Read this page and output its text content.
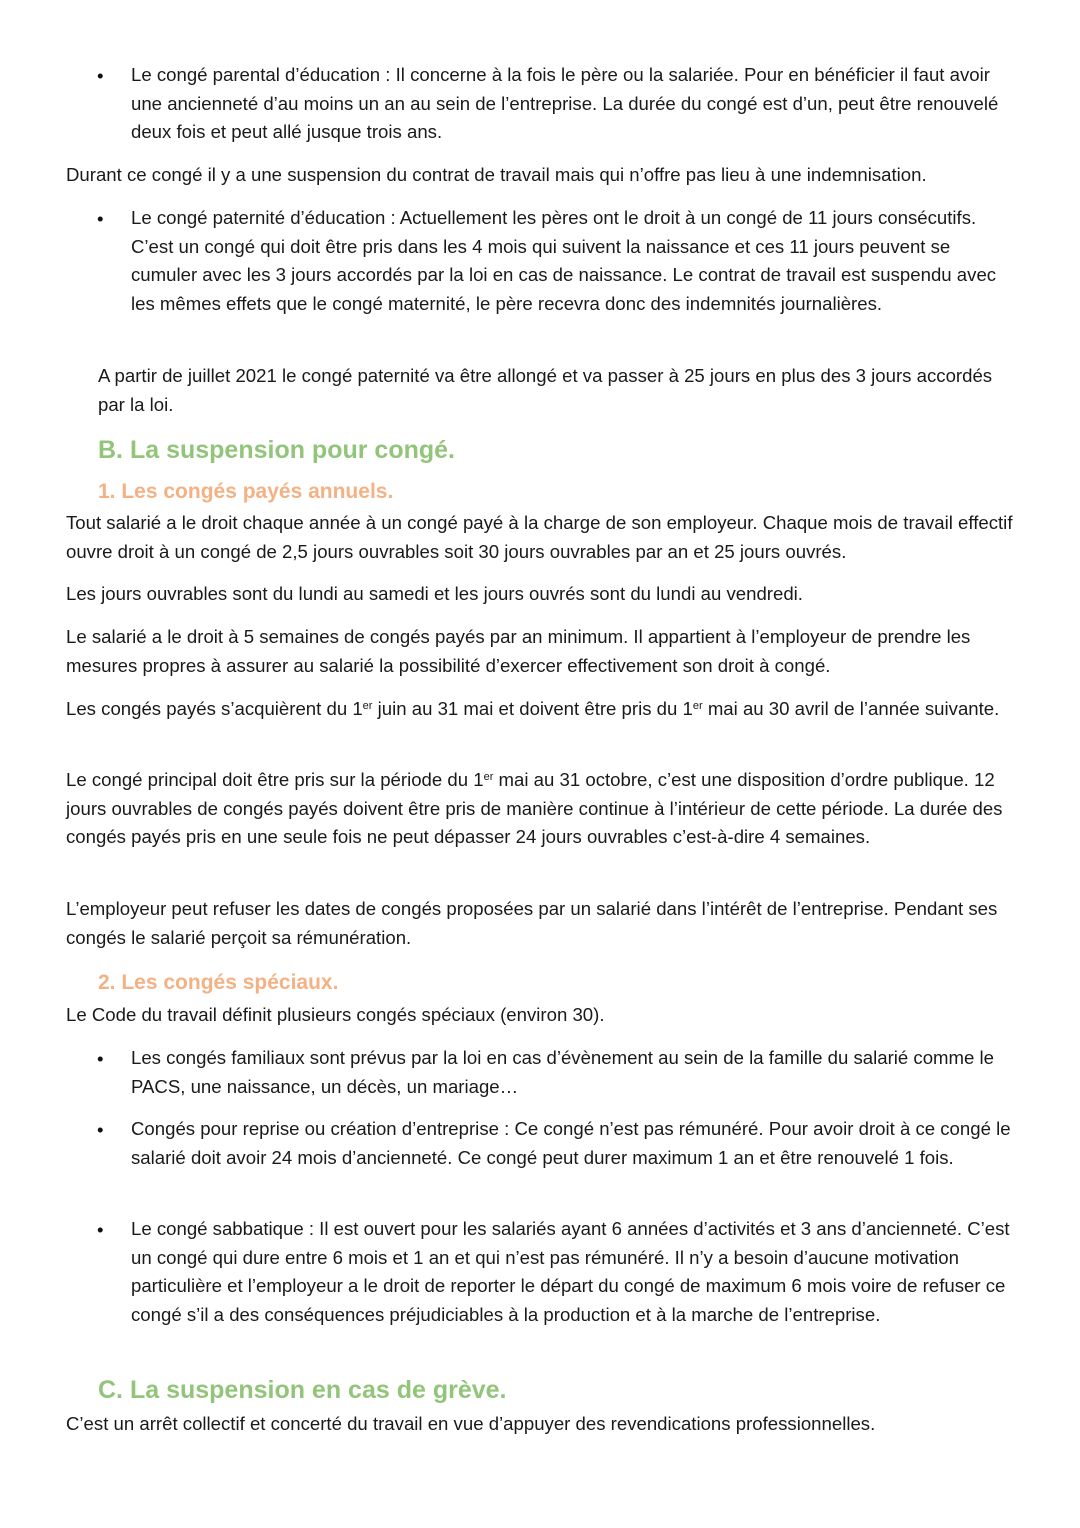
•	Le congé parental d’éducation : Il concerne à la fois le père ou la salariée. Pour en bénéficier il faut avoir une ancienneté d’au moins un an au sein de l’entreprise. La durée du congé est d’un, peut être renouvelé deux fois et peut allé jusque trois ans.

Durant ce congé il y a une suspension du contrat de travail mais qui n’offre pas lieu à une indemnisation.

•	Le congé paternité d’éducation : Actuellement les pères ont le droit à un congé de 11 jours consécutifs. C’est un congé qui doit être pris dans les 4 mois qui suivent la naissance et ces 11 jours peuvent se cumuler avec les 3 jours accordés par la loi en cas de naissance. Le contrat de travail est suspendu avec les mêmes effets que le congé maternité, le père recevra donc des indemnités journalières.

A partir de juillet 2021 le congé paternité va être allongé et va passer à 25 jours en plus des 3 jours accordés par la loi.

B. La suspension pour congé.
1. Les congés payés annuels.

Tout salarié a le droit chaque année à un congé payé à la charge de son employeur. Chaque mois de travail effectif ouvre droit à un congé de 2,5 jours ouvrables soit 30 jours ouvrables par an et 25 jours ouvrés.

Les jours ouvrables sont du lundi au samedi et les jours ouvrés sont du lundi au vendredi.

Le salarié a le droit à 5 semaines de congés payés par an minimum. Il appartient à l’employeur de prendre les mesures propres à assurer au salarié la possibilité d’exercer effectivement son droit à congé.

Les congés payés s’acquièrent du 1er juin au 31 mai et doivent être pris du 1er mai au 30 avril de l’année suivante.

Le congé principal doit être pris sur la période du 1er mai au 31 octobre, c’est une disposition d’ordre publique. 12 jours ouvrables de congés payés doivent être pris de manière continue à l’intérieur de cette période. La durée des congés payés pris en une seule fois ne peut dépasser 24 jours ouvrables c’est-à-dire 4 semaines.

L’employeur peut refuser les dates de congés proposées par un salarié dans l’intérêt de l’entreprise. Pendant ses congés le salarié perçoit sa rémunération.

2. Les congés spéciaux.

Le Code du travail définit plusieurs congés spéciaux (environ 30).

•	Les congés familiaux sont prévus par la loi en cas d’évènement au sein de la famille du salarié comme le PACS, une naissance, un décès, un mariage…

•	Congés pour reprise ou création d’entreprise : Ce congé n’est pas rémunéré. Pour avoir droit à ce congé le salarié doit avoir 24 mois d’ancienneté. Ce congé peut durer maximum 1 an et être renouvelé 1 fois.

•	Le congé sabbatique : Il est ouvert pour les salariés ayant 6 années d’activités et 3 ans d’ancienneté. C’est un congé qui dure entre 6 mois et 1 an et qui n’est pas rémunéré. Il n’y a besoin d’aucune motivation particulière et l’employeur a le droit de reporter le départ du congé de maximum 6 mois voire de refuser ce congé s’il a des conséquences préjudiciables à la production et à la marche de l’entreprise.

C. La suspension en cas de grève.

C’est un arrêt collectif et concerté du travail en vue d’appuyer des revendications professionnelles.
